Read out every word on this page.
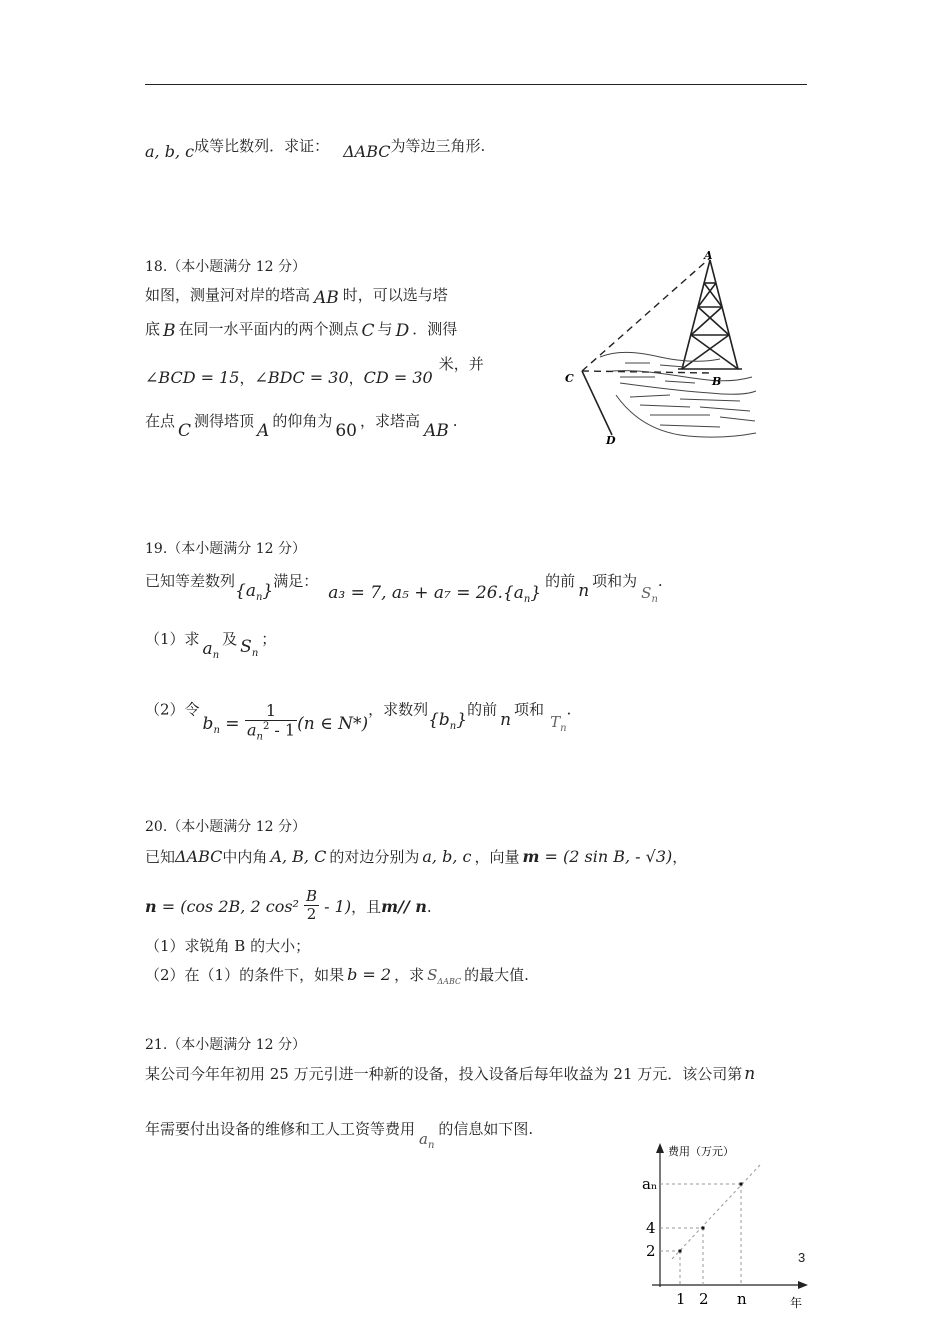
a, b, c成等比数列．求证： ΔABC为等边三角形.
18.（本小题满分 12 分）
如图，测量河对岸的塔高 AB 时，可以选与塔
底 B 在同一水平面内的两个测点 C 与 D ．测得
∠BCD = 15，∠BDC = 30，CD = 30米，并
在点 C 测得塔顶 A 的仰角为 60 ，求塔高 AB .
A
B
C
D
19.（本小题满分 12 分）
已知等差数列$\{a_n\}$满足：a₃ = 7, $a_5 + a_7 = 26.\{a_n\}$的前 n 项和为$S_n$.
（1）求 $a_n$及 $S_n$；
（2）令$b_n = \frac{1}{a_n^2 - 1} (n$ ∈ N*)，求数列$\{b_n\}$的前 n 项和$T_n$.
20.（本小题满分 12 分）
已知ΔABC中内角 A, B, C 的对边分别为 a, b, c ，向量 m = (2 sin B, - √3)，
n = (cos 2B, 2 $\cos^2 \frac{B}{2} - 1$)，且m// n.
（1）求锐角 B 的大小；
（2）在（1）的条件下，如果 b = 2 ，求 $S_{\Delta ABC}$ 的最大值.
21.（本小题满分 12 分）
某公司今年年初用 25 万元引进一种新的设备，投入设备后每年收益为 21 万元．该公司第 n
年需要付出设备的维修和工人工资等费用$a_n$的信息如下图.
费用（万元）
年
1 2 n
2
4
aₙ
3
